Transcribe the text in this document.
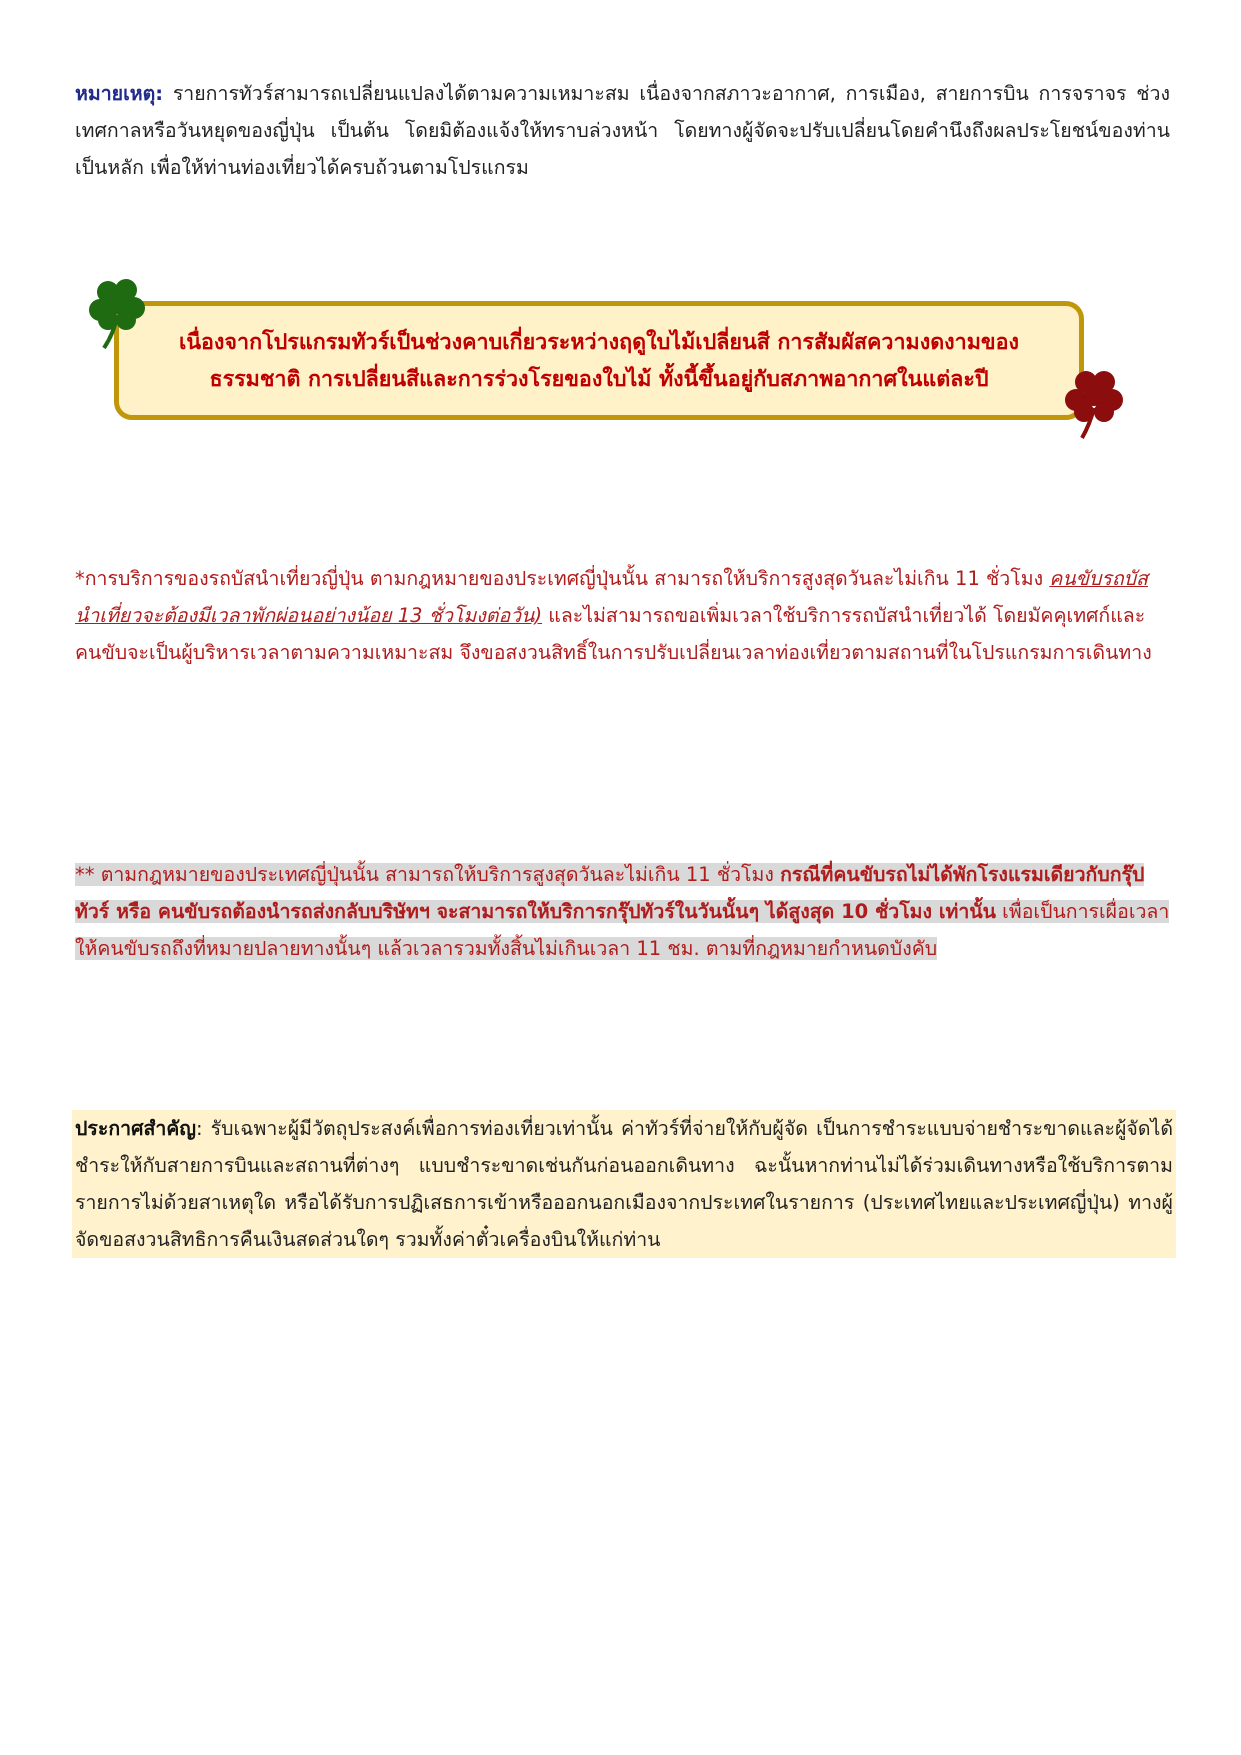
หมายเหตุ: รายการทัวร์สามารถเปลี่ยนแปลงได้ตามความเหมาะสม เนื่องจากสภาวะอากาศ, การเมือง, สายการบิน การจราจร ช่วงเทศกาลหรือวันหยุดของญี่ปุ่น เป็นต้น โดยมิต้องแจ้งให้ทราบล่วงหน้า โดยทางผู้จัดจะปรับเปลี่ยนโดยคำนึงถึงผลประโยชน์ของท่านเป็นหลัก เพื่อให้ท่านท่องเที่ยวได้ครบถ้วนตามโปรแกรม

เนื่องจากโปรแกรมทัวร์เป็นช่วงคาบเกี่ยวระหว่างฤดูใบไม้เปลี่ยนสี การสัมผัสความงดงามของ
ธรรมชาติ การเปลี่ยนสีและการร่วงโรยของใบไม้ ทั้งนี้ขึ้นอยู่กับสภาพอากาศในแต่ละปี

*การบริการของรถบัสนำเที่ยวญี่ปุ่น ตามกฎหมายของประเทศญี่ปุ่นนั้น สามารถให้บริการสูงสุดวันละไม่เกิน 11 ชั่วโมง คนขับรถบัสนำเที่ยวจะต้องมีเวลาพักผ่อนอย่างน้อย 13 ชั่วโมงต่อวัน) และไม่สามารถขอเพิ่มเวลาใช้บริการรถบัสนำเที่ยวได้ โดยมัคคุเทศก์และคนขับจะเป็นผู้บริหารเวลาตามความเหมาะสม จึงขอสงวนสิทธิ์ในการปรับเปลี่ยนเวลาท่องเที่ยวตามสถานที่ในโปรแกรมการเดินทาง

** ตามกฎหมายของประเทศญี่ปุ่นนั้น สามารถให้บริการสูงสุดวันละไม่เกิน 11 ชั่วโมง กรณีที่คนขับรถไม่ได้พักโรงแรมเดียวกับกรุ๊ปทัวร์ หรือ คนขับรถต้องนำรถส่งกลับบริษัทฯ จะสามารถให้บริการกรุ๊ปทัวร์ในวันนั้นๆ ได้สูงสุด 10 ชั่วโมง เท่านั้น เพื่อเป็นการเผื่อเวลาให้คนขับรถถึงที่หมายปลายทางนั้นๆ แล้วเวลารวมทั้งสิ้นไม่เกินเวลา 11 ชม. ตามที่กฎหมายกำหนดบังคับ

ประกาศสำคัญ: รับเฉพาะผู้มีวัตถุประสงค์เพื่อการท่องเที่ยวเท่านั้น ค่าทัวร์ที่จ่ายให้กับผู้จัด เป็นการชำระแบบจ่ายชำระขาดและผู้จัดได้ชำระให้กับสายการบินและสถานที่ต่างๆ แบบชำระขาดเช่นกันก่อนออกเดินทาง ฉะนั้นหากท่านไม่ได้ร่วมเดินทางหรือใช้บริการตามรายการไม่ด้วยสาเหตุใด หรือได้รับการปฏิเสธการเข้าหรือออกนอกเมืองจากประเทศในรายการ (ประเทศไทยและประเทศญี่ปุ่น) ทางผู้จัดขอสงวนสิทธิการคืนเงินสดส่วนใดๆ รวมทั้งค่าตั๋วเครื่องบินให้แก่ท่าน
